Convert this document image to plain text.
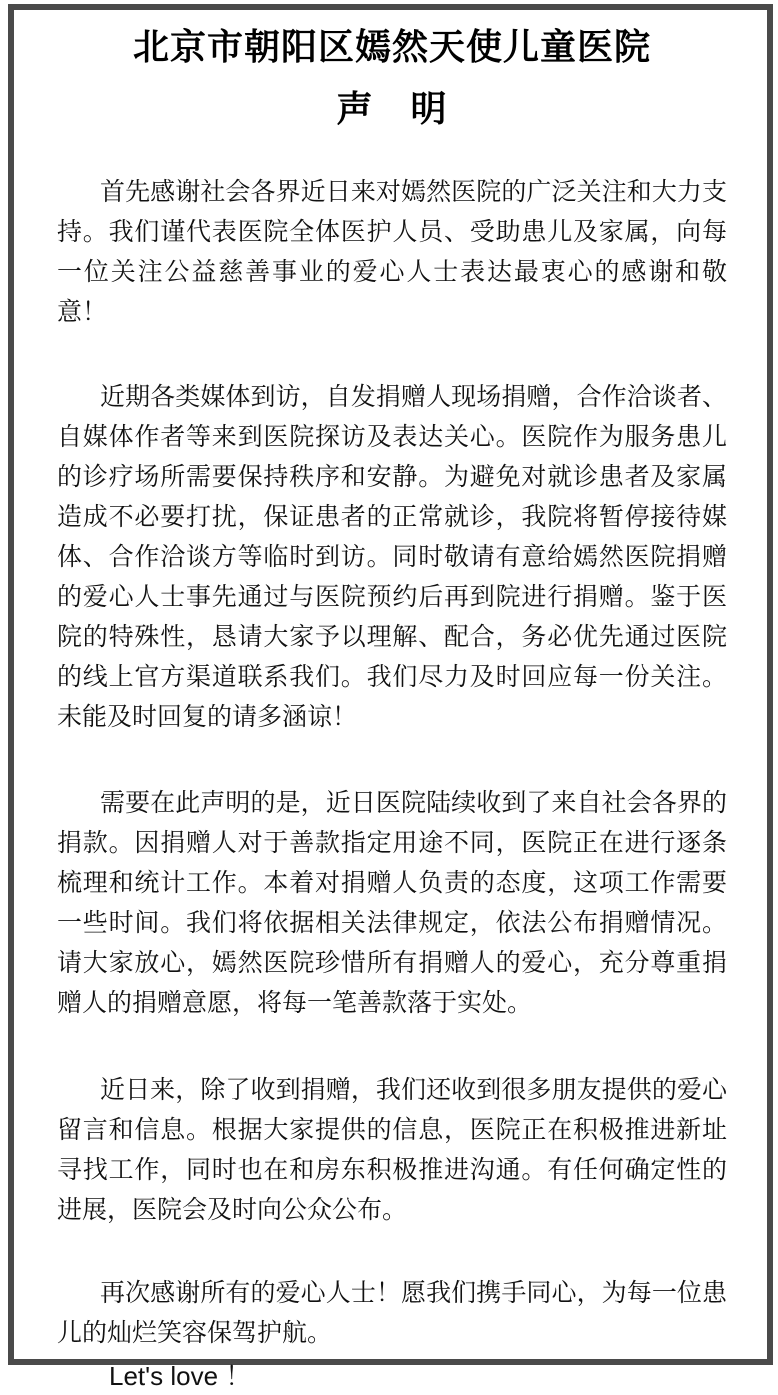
北京市朝阳区嫣然天使儿童医院
声　明

首先感谢社会各界近日来对嫣然医院的广泛关注和大力支持。我们谨代表医院全体医护人员、受助患儿及家属，向每一位关注公益慈善事业的爱心人士表达最衷心的感谢和敬意！

近期各类媒体到访，自发捐赠人现场捐赠，合作洽谈者、自媒体作者等来到医院探访及表达关心。医院作为服务患儿的诊疗场所需要保持秩序和安静。为避免对就诊患者及家属造成不必要打扰，保证患者的正常就诊，我院将暂停接待媒体、合作洽谈方等临时到访。同时敬请有意给嫣然医院捐赠的爱心人士事先通过与医院预约后再到院进行捐赠。鉴于医院的特殊性，恳请大家予以理解、配合，务必优先通过医院的线上官方渠道联系我们。我们尽力及时回应每一份关注。未能及时回复的请多涵谅！

需要在此声明的是，近日医院陆续收到了来自社会各界的捐款。因捐赠人对于善款指定用途不同，医院正在进行逐条梳理和统计工作。本着对捐赠人负责的态度，这项工作需要一些时间。我们将依据相关法律规定，依法公布捐赠情况。请大家放心，嫣然医院珍惜所有捐赠人的爱心，充分尊重捐赠人的捐赠意愿，将每一笔善款落于实处。

近日来，除了收到捐赠，我们还收到很多朋友提供的爱心留言和信息。根据大家提供的信息，医院正在积极推进新址寻找工作，同时也在和房东积极推进沟通。有任何确定性的进展，医院会及时向公众公布。

再次感谢所有的爱心人士！愿我们携手同心，为每一位患儿的灿烂笑容保驾护航。

Let's love ！
